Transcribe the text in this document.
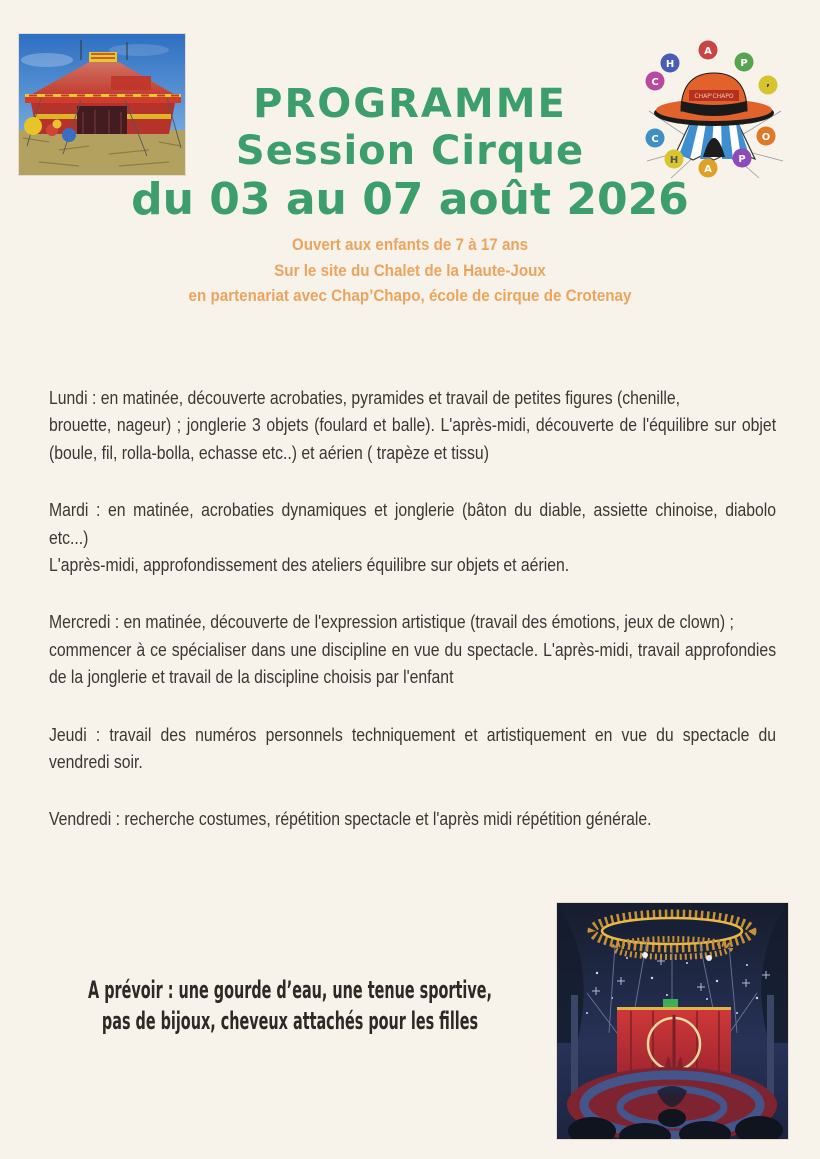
PROGRAMME
Session Cirque
du 03 au 07 août 2026
CHAP'CHAPO
A
H	P
C
’
C	O
H	P
A
Ouvert aux enfants de 7 à 17 ans
Sur le site du Chalet de la Haute-Joux
en partenariat avec Chap’Chapo, école de cirque de Crotenay

Lundi : en matinée, découverte acrobaties, pyramides et travail de petites figures (chenille,
brouette, nageur) ; jonglerie 3 objets (foulard et balle). L'après-midi, découverte de l'équilibre sur objet (boule, fil, rolla-bolla, echasse etc..) et aérien ( trapèze et tissu)

Mardi : en matinée, acrobaties dynamiques et jonglerie (bâton du diable, assiette chinoise, diabolo etc...)
L'après-midi, approfondissement des ateliers équilibre sur objets et aérien.

Mercredi : en matinée, découverte de l'expression artistique (travail des émotions, jeux de clown) ;
commencer à ce spécialiser dans une discipline en vue du spectacle. L'après-midi, travail approfondies de la jonglerie et travail de la discipline choisis par l'enfant

Jeudi : travail des numéros personnels techniquement et artistiquement en vue du spectacle du vendredi soir.

Vendredi : recherche costumes, répétition spectacle et l'après midi répétition générale.

A prévoir : une gourde d’eau, une tenue sportive,
pas de bijoux, cheveux attachés pour les filles
